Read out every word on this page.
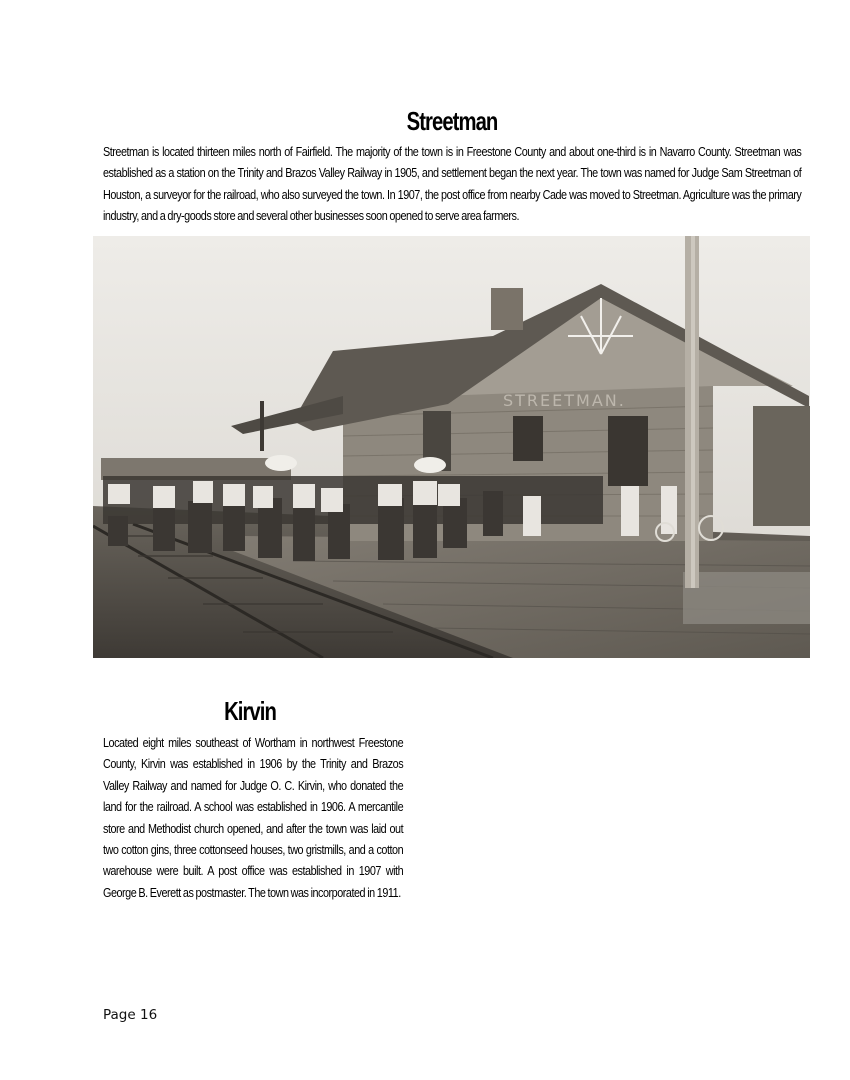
Streetman
Streetman is located thirteen miles north of Fairfield. The majority of the town is in Freestone County and about one-third is in Navarro County. Streetman was established as a station on the Trinity and Brazos Valley Railway in 1905, and settlement began the next year. The town was named for Judge Sam Streetman of Houston, a surveyor for the railroad, who also surveyed the town. In 1907, the post office from nearby Cade was moved to Streetman. Agriculture was the primary industry, and a dry-goods store and several other businesses soon opened to serve area farmers.
STREETMAN.
Kirvin
Located eight miles southeast of Wortham in northwest Freestone County, Kirvin was established in 1906 by the Trinity and Brazos Valley Railway and named for Judge O. C. Kirvin, who donated the land for the railroad. A school was established in 1906. A mercantile store and Methodist church opened, and after the town was laid out two cotton gins, three cottonseed houses, two gristmills, and a cotton warehouse were built. A post office was established in 1907 with George B. Everett as postmaster. The town was incorporated in 1911.
Page 16
